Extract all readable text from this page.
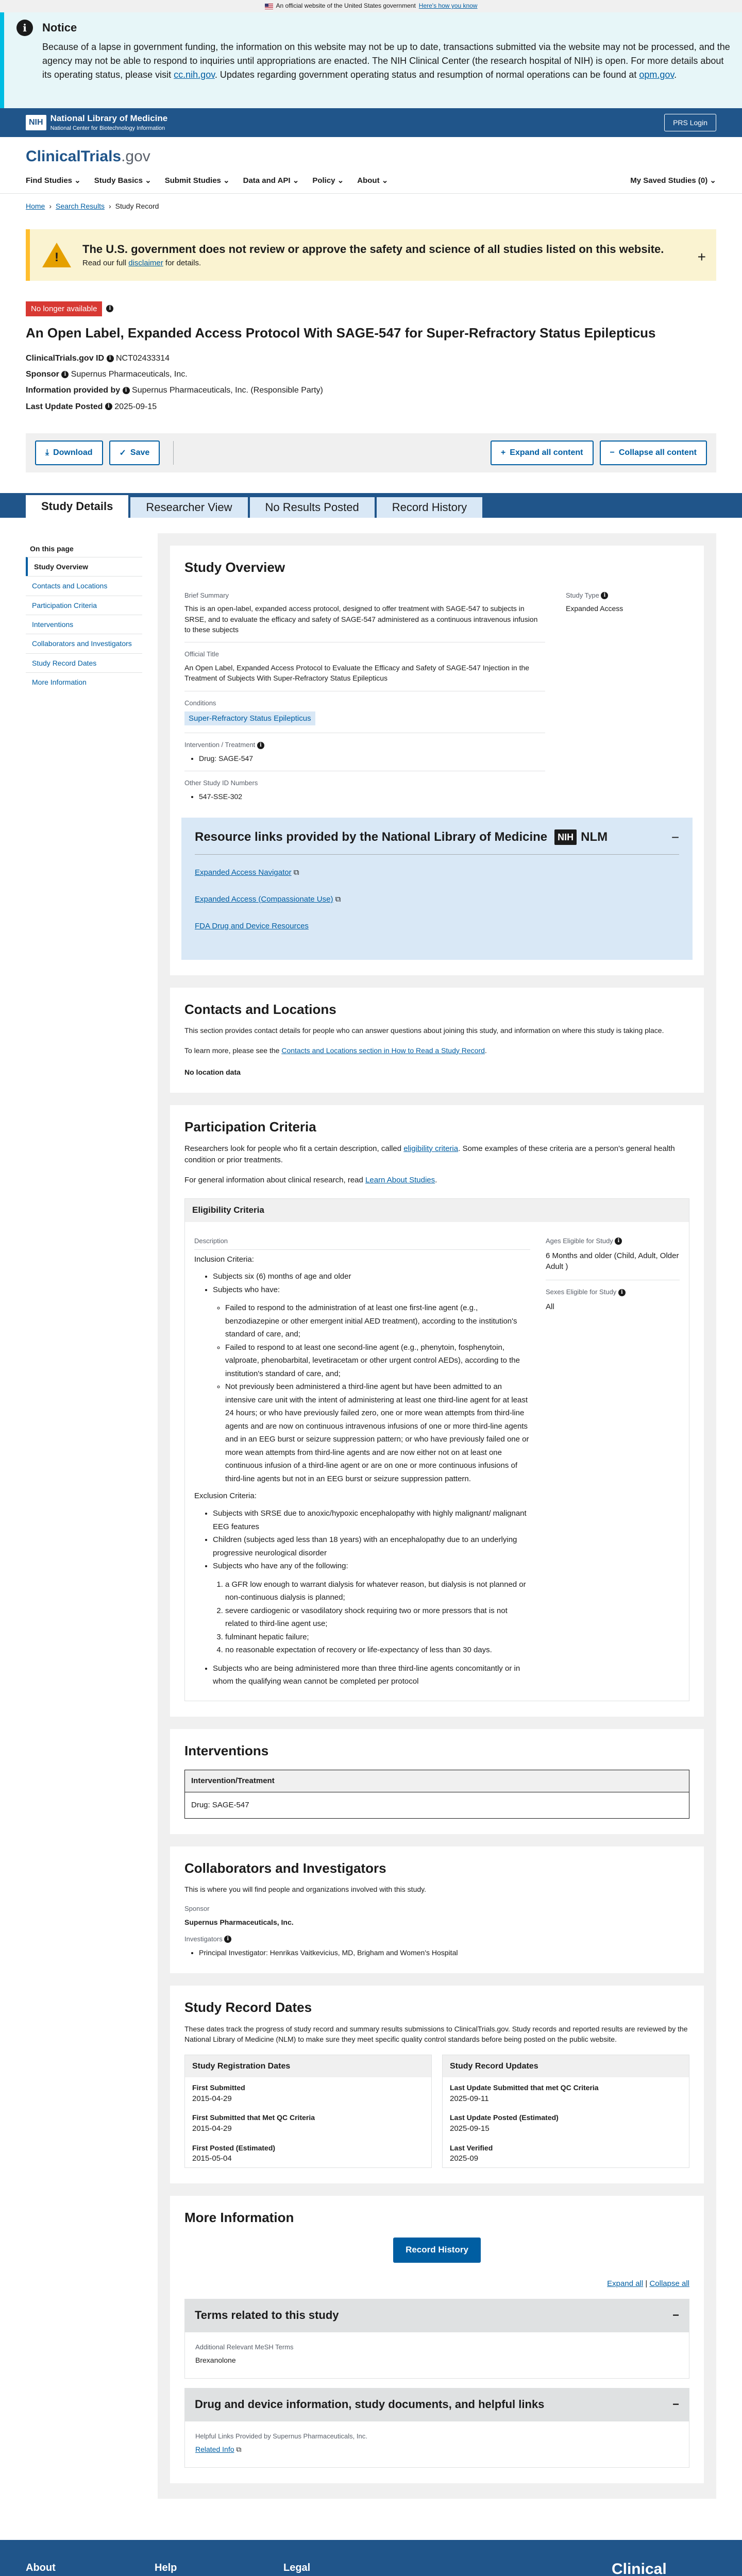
An official website of the United States government Here's how you know
i	Notice

Because of a lapse in government funding, the information on this website may not be up to date, transactions submitted via the website may not be processed, and the agency may not be able to respond to inquiries until appropriations are enacted. The NIH Clinical Center (the research hospital of NIH) is open. For more details about its operating status, please visit cc.nih.gov. Updates regarding government operating status and resumption of normal operations can be found at opm.gov.

NIH National Library of Medicine
National Center for Biotechnology Information
PRS Login
ClinicalTrials.gov
Find Studies ⌄ Study Basics ⌄ Submit Studies ⌄ Data and API ⌄ Policy ⌄ About ⌄	My Saved Studies (0) ⌄
Home › Search Results › Study Record
!
The U.S. government does not review or approve the safety and science of all studies listed on this website.

Read our full disclaimer for details.	+
No longer available	i
An Open Label, Expanded Access Protocol With SAGE-547 for Super-Refractory Status Epilepticus
ClinicalTrials.gov ID i NCT02433314
Sponsor i Supernus Pharmaceuticals, Inc.
Information provided by i Supernus Pharmaceuticals, Inc. (Responsible Party)
Last Update Posted i 2025-09-15
⤓ Download	✓ Save	+ Expand all content	− Collapse all content
Study Details	Researcher View	No Results Posted	Record History
On this page
Study Overview
Contacts and Locations
Participation Criteria
Interventions
Collaborators and Investigators
Study Record Dates
More Information
Study Overview
Brief Summary

This is an open-label, expanded access protocol, designed to offer treatment with SAGE-547 to subjects in SRSE, and to evaluate the efficacy and safety of SAGE-547 administered as a continuous intravenous infusion to these subjects

Official Title

An Open Label, Expanded Access Protocol to Evaluate the Efficacy and Safety of SAGE-547 Injection in the Treatment of Subjects With Super-Refractory Status Epilepticus

Conditions
Super-Refractory Status Epilepticus
Intervention / Treatment i
• Drug: SAGE-547
Other Study ID Numbers
• 547-SSE-302
Study Type i

Expanded Access

Resource links provided by the National Library of Medicine	NIH NLM	−
Expanded Access Navigator ⧉
Expanded Access (Compassionate Use) ⧉
FDA Drug and Device Resources
Contacts and Locations

This section provides contact details for people who can answer questions about joining this study, and information on where this study is taking place.

To learn more, please see the Contacts and Locations section in How to Read a Study Record.

No location data

Participation Criteria

Researchers look for people who fit a certain description, called eligibility criteria. Some examples of these criteria are a person's general health condition or prior treatments.

For general information about clinical research, read Learn About Studies.

Eligibility Criteria
Description

Inclusion Criteria:

• Subjects six (6) months of age and older
• Subjects who have:
◦ Failed to respond to the administration of at least one first-line agent (e.g., benzodiazepine or other emergent initial AED treatment), according to the institution's standard of care, and;
◦ Failed to respond to at least one second-line agent (e.g., phenytoin, fosphenytoin, valproate, phenobarbital, levetiracetam or other urgent control AEDs), according to the institution's standard of care, and;
◦ Not previously been administered a third-line agent but have been admitted to an intensive care unit with the intent of administering at least one third-line agent for at least 24 hours; or who have previously failed zero, one or more wean attempts from third-line agents and are now on continuous intravenous infusions of one or more third-line agents and in an EEG burst or seizure suppression pattern; or who have previously failed one or more wean attempts from third-line agents and are now either not on at least one continuous infusion of a third-line agent or are on one or more continuous infusions of third-line agents but not in an EEG burst or seizure suppression pattern.

Exclusion Criteria:

• Subjects with SRSE due to anoxic/hypoxic encephalopathy with highly malignant/ malignant EEG features
• Children (subjects aged less than 18 years) with an encephalopathy due to an underlying progressive neurological disorder
• Subjects who have any of the following:
1. a GFR low enough to warrant dialysis for whatever reason, but dialysis is not planned or non-continuous dialysis is planned;
2. severe cardiogenic or vasodilatory shock requiring two or more pressors that is not related to third-line agent use;
3. fulminant hepatic failure;
4. no reasonable expectation of recovery or life-expectancy of less than 30 days.
• Subjects who are being administered more than three third-line agents concomitantly or in whom the qualifying wean cannot be completed per protocol
Ages Eligible for Study i

6 Months and older (Child, Adult, Older Adult )

Sexes Eligible for Study i

All

Interventions
Intervention/Treatment
Drug: SAGE-547
Collaborators and Investigators

This is where you will find people and organizations involved with this study.

Sponsor

Supernus Pharmaceuticals, Inc.

Investigators i
• Principal Investigator: Henrikas Vaitkevicius, MD, Brigham and Women's Hospital
Study Record Dates

These dates track the progress of study record and summary results submissions to ClinicalTrials.gov. Study records and reported results are reviewed by the National Library of Medicine (NLM) to make sure they meet specific quality control standards before being posted on the public website.

Study Registration Dates
First Submitted
2015-04-29
First Submitted that Met QC Criteria
2015-04-29
First Posted (Estimated)
2015-05-04
Study Record Updates
Last Update Submitted that met QC Criteria
2025-09-11
Last Update Posted (Estimated)
2025-09-15
Last Verified
2025-09
More Information
Record History
Expand all | Collapse all
Terms related to this study	−
Additional Relevant MeSH Terms

Brexanolone

Drug and device information, study documents, and helpful links	−
Helpful Links Provided by Supernus Pharmaceuticals, Inc.
Related Info ⧉
About	Help	Legal	Clinical
